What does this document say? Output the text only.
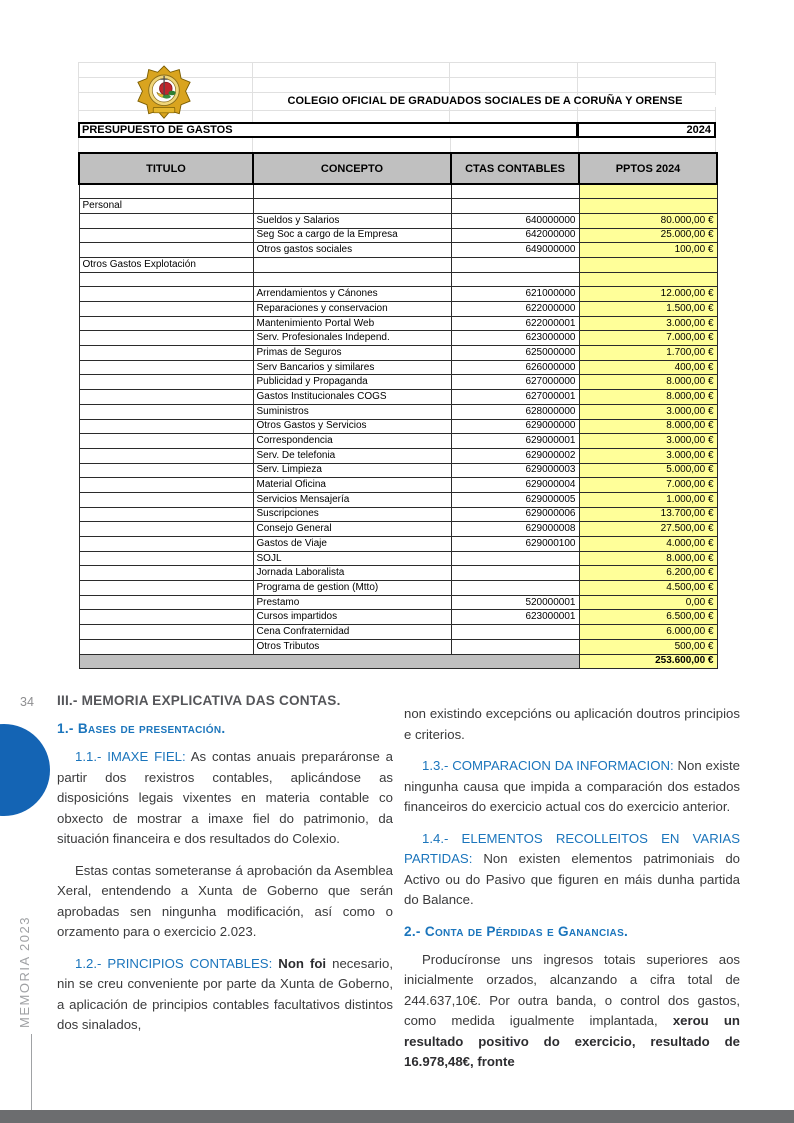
COLEGIO OFICIAL DE GRADUADOS SOCIALES DE A CORUÑA Y ORENSE
PRESUPUESTO DE GASTOS	2024
TITULO	CONCEPTO	CTAS CONTABLES	PPTOS 2024

Personal			
	Sueldos y Salarios	640000000	80.000,00 €
	Seg Soc a cargo de la Empresa	642000000	25.000,00 €
	Otros gastos sociales	649000000	100,00 €
Otros Gastos Explotación			

	Arrendamientos y Cánones	621000000	12.000,00 €
	Reparaciones y conservacion	622000000	1.500,00 €
	Mantenimiento Portal Web	622000001	3.000,00 €
	Serv. Profesionales Independ.	623000000	7.000,00 €
	Primas de Seguros	625000000	1.700,00 €
	Serv Bancarios y similares	626000000	400,00 €
	Publicidad y Propaganda	627000000	8.000,00 €
	Gastos Institucionales COGS	627000001	8.000,00 €
	Suministros	628000000	3.000,00 €
	Otros Gastos y Servicios	629000000	8.000,00 €
	Correspondencia	629000001	3.000,00 €
	Serv. De telefonia	629000002	3.000,00 €
	Serv. Limpieza	629000003	5.000,00 €
	Material Oficina	629000004	7.000,00 €
	Servicios Mensajería	629000005	1.000,00 €
	Suscripciones	629000006	13.700,00 €
	Consejo General	629000008	27.500,00 €
	Gastos de Viaje	629000100	4.000,00 €
	SOJL		8.000,00 €
	Jornada Laboralista		6.200,00 €
	Programa de gestion (Mtto)		4.500,00 €
	Prestamo	520000001	0,00 €
	Cursos impartidos	623000001	6.500,00 €
	Cena Confraternidad		6.000,00 €
	Otros Tributos		500,00 €
			253.600,00 €
34
MEMORIA 2023
III.- MEMORIA EXPLICATIVA DAS CONTAS.
1.- Bases de presentación.

1.1.- IMAXE FIEL: As contas anuais preparáronse a partir dos rexistros contables, aplicándose as disposicións legais vixentes en materia contable co obxecto de mostrar a imaxe fiel do patrimonio, da situación financeira e dos resultados do Colexio.

Estas contas someteranse á aprobación da Asemblea Xeral, entendendo a Xunta de Goberno que serán aprobadas sen ningunha modificación, así como o orzamento para o exercicio 2.023.

1.2.- PRINCIPIOS CONTABLES: Non foi necesario, nin se creu conveniente por parte da Xunta de Goberno, a aplicación de principios contables facultativos distintos dos sinalados,

non existindo excepcións ou aplicación doutros principios e criterios.

1.3.- COMPARACION DA INFORMACION: Non existe ningunha causa que impida a comparación dos estados financeiros do exercicio actual cos do exercicio anterior.

1.4.- ELEMENTOS RECOLLEITOS EN VARIAS PARTIDAS: Non existen elementos patrimoniais do Activo ou do Pasivo que figuren en máis dunha partida do Balance.

2.- Conta de Pérdidas e Ganancias.

Producíronse uns ingresos totais superiores aos inicialmente orzados, alcanzando a cifra total de 244.637,10€. Por outra banda, o control dos gastos, como medida igualmente implantada, xerou un resultado positivo do exercicio, resultado de 16.978,48€, fronte
